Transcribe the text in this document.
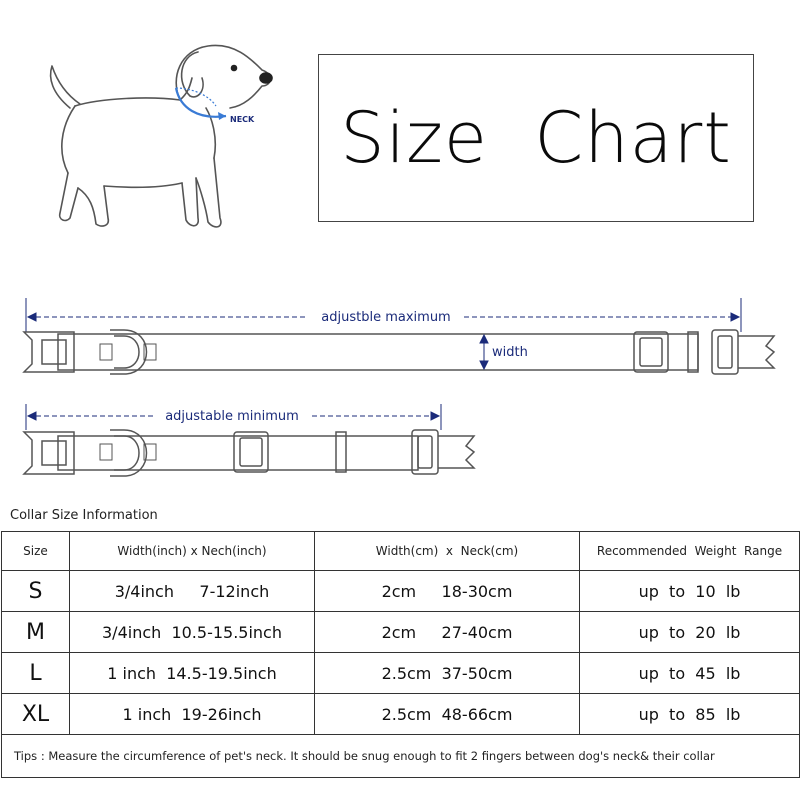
NECK Size  Chart
adjustble maximum
width
adjustable minimum
Collar Size Information
Size	Width(inch) x Nech(inch)	Width(cm)  x  Neck(cm)	Recommended  Weight  Range
S	3/4inch     7-12inch	2cm     18-30cm	up  to  10  lb
M	3/4inch  10.5-15.5inch	2cm     27-40cm	up  to  20  lb
L	1 inch  14.5-19.5inch	2.5cm  37-50cm	up  to  45  lb
XL	1 inch  19-26inch	2.5cm  48-66cm	up  to  85  lb
Tips : Measure the circumference of pet's neck. It should be snug enough to fit 2 fingers between dog's neck& their collar			
